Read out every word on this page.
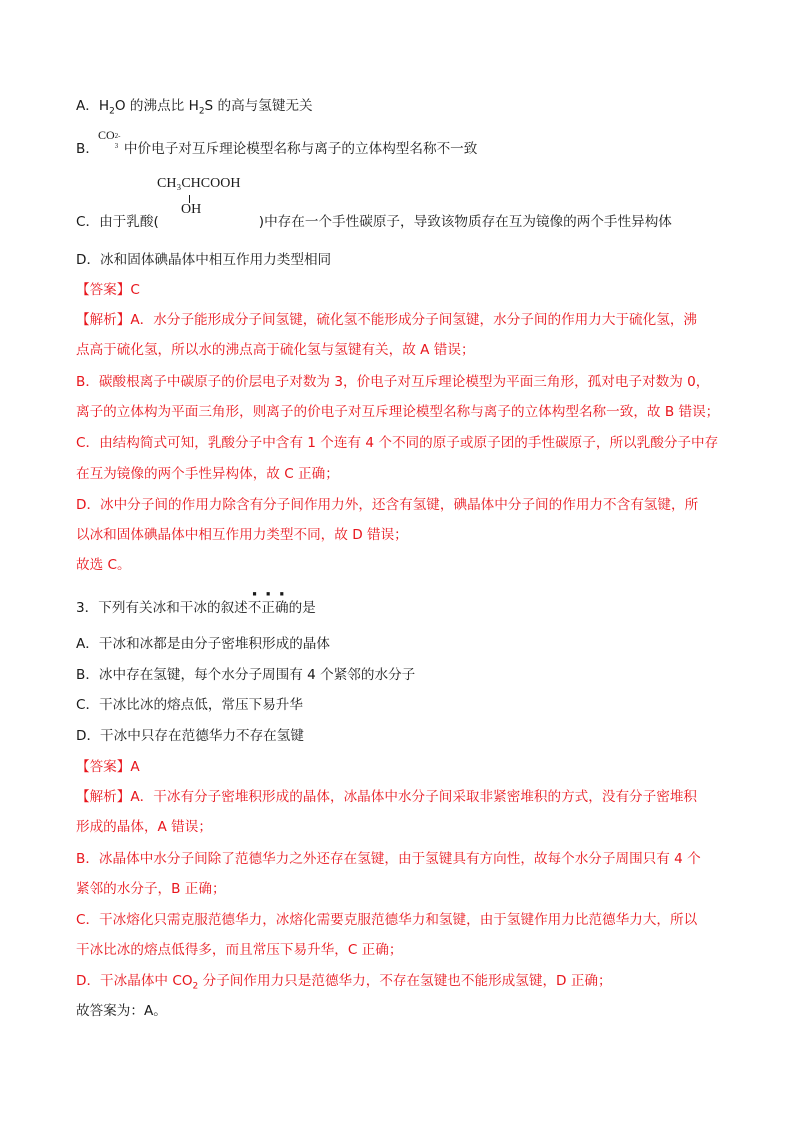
A．$H_2O$ 的沸点比 $H_2S$ 的高与氢键无关
CO 2-
3
B． 中价电子对互斥理论模型名称与离子的立体构型名称不一致
CH₃CHCOOH
OH
C．由于乳酸(	)中存在一个手性碳原子，导致该物质存在互为镜像的两个手性异构体
D．冰和固体碘晶体中相互作用力类型相同
【答案】C
【解析】A．水分子能形成分子间氢键，硫化氢不能形成分子间氢键，水分子间的作用力大于硫化氢，沸
点高于硫化氢，所以水的沸点高于硫化氢与氢键有关，故 A 错误；
B．碳酸根离子中碳原子的价层电子对数为 3，价电子对互斥理论模型为平面三角形，孤对电子对数为 0，
离子的立体构为平面三角形，则离子的价电子对互斥理论模型名称与离子的立体构型名称一致，故 B 错误；
C．由结构简式可知，乳酸分子中含有 1 个连有 4 个不同的原子或原子团的手性碳原子，所以乳酸分子中存
在互为镜像的两个手性异构体，故 C 正确；
D．冰中分子间的作用力除含有分子间作用力外，还含有氢键，碘晶体中分子间的作用力不含有氢键，所
以冰和固体碘晶体中相互作用力类型不同，故 D 错误；
故选 C。
3．下列有关冰和干冰的叙述不正确的是
A．干冰和冰都是由分子密堆积形成的晶体
B．冰中存在氢键，每个水分子周围有 4 个紧邻的水分子
C．干冰比冰的熔点低，常压下易升华
D．干冰中只存在范德华力不存在氢键
【答案】A
【解析】A．干冰有分子密堆积形成的晶体，冰晶体中水分子间采取非紧密堆积的方式，没有分子密堆积
形成的晶体，A 错误；
B．冰晶体中水分子间除了范德华力之外还存在氢键，由于氢键具有方向性，故每个水分子周围只有 4 个
紧邻的水分子，B 正确；
C．干冰熔化只需克服范德华力，冰熔化需要克服范德华力和氢键，由于氢键作用力比范德华力大，所以
干冰比冰的熔点低得多，而且常压下易升华，C 正确；
D．干冰晶体中 $CO_2$ 分子间作用力只是范德华力，不存在氢键也不能形成氢键，D 正确；
故答案为：A。
